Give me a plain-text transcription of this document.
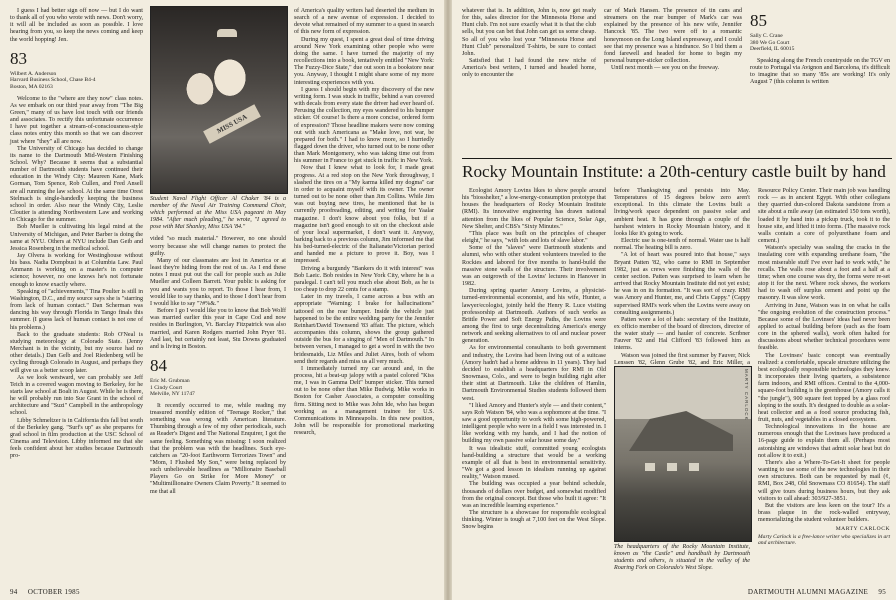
I guess I had better sign off now — but I do want to thank all of you who wrote with news. Don't worry, it will all be included as soon as possible. I love hearing from you, so keep the news coming and keep the world hopping! Jen.

83
Wilbert A. Anderson
Harvard Business School, Chase B4-4
Boston, MA 02163

Welcome to the "where are they now" class notes. As we embark on our third year away from "The Big Green," many of us have lost touch with our friends and associates. To rectify this unfortunate occurrence I have put together a stream-of-consciousness-style class notes entry this month so that we can discover just where "they" all are now.

The University of Chicago has decided to change its name to the Dartmouth Mid-Western Finishing School. Why? Because it seems that a substantial number of Dartmouth students have continued their education in the Windy City: Maureen Kane, Mark Gorman, Tom Spence, Rob Cullen, and Fred Ansell are all running the law school. At the same time Orest Stelmach is single-handedly keeping the business school in order. Also near the Windy City, Leslie Cloutier is attending Northwestern Law and working in Chicago for the summer.

Bob Mueller is cultivating his legal mind at the University of Michigan, and Peter Barber is doing the same at NYU. Others at NYU include Dan Geib and Jessica Rosenberg in the medical school.

Jay Olvera is working for Westinghouse without his bass. Nadia Dompbusi is at Columbia Law. Paul Ammann is working on a master's in computer science; however, no one knows he's not fortunate enough to know exactly where.

Speaking of "achievements," Tina Poulter is still in Washington, D.C., and my source says she is "starring from lack of human contact." Dan Scherman was dancing his way through Florida in Tango finals this summer. (I guess lack of human contact is not one of his problems.)

Back to the graduate students: Rob O'Neal is studying meteorology at Colorado State. (Jenny Merchant is in the vicinity, but my source had no other details.) Dan Gelb and Joel Riedenberg will be cycling through Colorado in August, and perhaps they will give us a better scoop later.

As we look westward, we can probably see Jeff Teich in a covered wagon moving to Berkeley, for he starts law school at Boalt in August. While he is there, he will probably run into Sue Grant in the school of architecture and "Suzi" Campbell in the anthropology school.

Libby Schmeltzer is in California this fall but south of the Berkeley gang. "Surf's up" as she prepares for grad school in film production at the USC School of Cinema and Television. Libby informed me that she feels confident about her studies because Dartmouth pro-

MISS USA
Student Naval Flight Officer Al Chaker '84 is a member of the Naval Air Training Command Choir, which performed at the Miss USA pageant in May 1984. "After much pleading," he wrote, "I agreed to pose with Mai Shanley, Miss USA '84."

vided "so much material." However, no one should worry because she will change names to protect the guilty.

Many of our classmates are lost in America or at least they're hiding from the rest of us. As I end these notes I must put out the call for people such as Julie Mueller and Colleen Barrett. Your public is asking for you and wants you to report. To those I hear from, I would like to say thanks, and to those I don't hear from I would like to say "?#%&."

Before I go I would like you to know that Bob Wolff was married earlier this year in Cape Cod and now resides in Burlington, Vt. Barclay Fitzpatrick was also married, and Karen Rodgers married John Pryer '81. And last, but certainly not least, Stu Downs graduated and is living in Boston.

84
Eric M. Grubman
1 Cindy Court
Melville, NY 11747

It recently occurred to me, while reading my treasured monthly edition of "Teenage Rocker," that something was wrong with American literature. Thumbing through a few of my other periodicals, such as Reader's Digest and The National Enquirer, I got the same feeling. Something was missing: I soon realized that the problem was with the headlines. Such eye-catchers as "20-foot Earthworm Terrorizes Town" and "Mom, I Flushed My Son," were being replaced by such unbelievable headlines as "Millionaire Baseball Players Go on Strike for More Money" or "Multimillionaire Owners Claim Poverty." It seemed to me that all

of America's quality writers had deserted the medium in search of a new avenue of expression. I decided to devote what remained of my summer to a quest in search of this new form of expression.

During my quest, I spent a great deal of time driving around New York examining other people who were doing the same. I have turned the majority of my recollections into a book, tentatively entitled "New York: The Fuzzy-Dice State," due out soon in a bookstore near you. Anyway, I thought I might share some of my more interesting experiences with you.

I guess I should begin with my discovery of the new writing form. I was stuck in traffic, behind a van covered with decals from every state the driver had ever heard of. Perusing the collection, my eyes wandered to his bumper sticker. Of course! Is there a more concise, ordered form of expression? Those headline makers were now coming out with such Americana as "Make love, not war, be prepared for both." I had to know more, so I hurriedly flagged down the driver, who turned out to be none other than Mark Montgomery, who was taking time out from his summer in France to get stuck in traffic in New York.

Now that I knew what to look for, I made great progress. At a red stop on the New York throughway, I slashed the tires on a "My karma killed my dogma" car in order to acquaint myself with its owner. The owner turned out to be none other than Jim Collins. While Jim was out buying new tires, he mentioned that he is currently proofreading, editing, and writing for Yaalar magazine. I don't know about you folks, but if a magazine isn't good enough to sit on the checkout aisle of your local supermarket, I don't want it. Anyway, barking back to a previous column, Jim informed me that his bed-turned-electric of the Italianate/Victorian period and handed me a picture to prove it. Boy, was I impressed.

Driving a burgundy "Bankers do it with interest" was Bob Laeic. Bob resides in New York City, where he is a paralegal. I can't tell you much else about Bob, as he is too cheap to drop 22 cents for a stamp.

Later in my travels, I came across a bus with an appropriate "Warning: I brake for hallucinations" tattooed on the rear bumper. Inside the vehicle just happened to be the entire wedding party for the Jennifer Reinhart/David Townsend '83 affair. The picture, which accompanies this column, shows the group gathered outside the bus for a singing of "Men of Dartmouth." In between verses, I managed to get a word in with the two bridesmaids, Liz Miles and Juliet Aires, both of whom send their regards and miss us all very much.

I immediately turned my car around and, in the process, hit a beat-up jalopy with a pastel colored "Kiss me, I was in Gamma Delt" bumper sticker. This turned out to be none other than Mike Budwig. Mike works in Boston for Casher Associates, a computer consulting firm. Sitting next to Mike was John Ide, who has begun working as a management trainee for U.S. Communications in Minneapolis. In this new position, John will be responsible for promotional marketing research,

94 OCTOBER 1985

whatever that is. In addition, John is, now get ready for this, sales director for the Minnesota Horse and Hunt club. I'm not sure exactly what it is that the club sells, but you can bet that John can get us some cheap. So all of you who lost your "Minnesota Horse and Hunt Club" personalized T-shirts, be sure to contact John.

Satisfied that I had found the new niche of America's best writers, I turned and headed home, only to encounter the

car of Mark Hansen. The presence of tin cans and streamers on the rear bumper of Mark's car was explained by the presence of his new wife, Jennifer Hancock '85. The two were off to a romantic honeymoon on the Long Island expressway, and I could see that my presence was a hindrance. So I bid them a fond farewell and headed for home to begin my personal bumper-sticker collection.

Until next month — see you on the freeway.

85
Sally C. Crane
380 We Go Court
Deerfield, IL 60015

Speaking along the French countryside on the TGV en route to Portugal via Avignon and Barcelona, it's difficult to imagine that so many '85s are working! It's only August 7 (this column is written

Rocky Mountain Institute: a 20th-century castle built by hand

Ecologist Amory Lovins likes to show people around his "biosshelter," a low-energy-consumption prototype that houses the headquarters of Rocky Mountain Institute (RMI). Its innovative engineering has drawn national attention from the likes of Popular Science, Solar Age, New Shelter, and CBS's "Sixty Minutes."

"This place was built on the principles of cheaper eleight," he says, "with lots and lots of slave labor."

Some of the "slaves" were Dartmouth students and alumni, who with other student volunteers traveled to the Rockies and labored for five months to hand-build the massive stone walls of the structure. Their involvement was an outgrowth of the Lovins' lectures in Hanover in 1982.

During spring quarter Amory Lovins, a physicist-turned-environmental economist, and his wife, Hunter, a lawyer/ecologist, jointly held the Henry R. Luce visiting professorship at Dartmouth. Authors of such works as Brittle Power and Soft Energy Paths, the Lovins were among the first to urge decentralizing America's energy network and seeking alternatives to oil and nuclear power generation.

As for environmental consultants to both government and industry, the Lovins had been living out of a suitcase (Amory hadn't had a home address in 11 years). They had decided to establish a headquarters for RMI in Old Snowmass, Colo., and were to begin building right after their stint at Dartmouth. Like the children of Hamlin, Dartmouth Environmental Studies students followed them west.

"I liked Amory and Hunter's style — and their content," says Rob Watson '84, who was a sophomore at the time. "I saw a good opportunity to work with some high-powered, intelligent people who were in a field I was interested in. I like working with my hands, and I had the notion of building my own passive solar house some day."

It was idealistic stuff, committed young ecologists hand-building a structure that would be a working example of all that is best in environmental sensitivity. "We got a good lesson in idealism running up against reality," Watson mused.

The building was occupied a year behind schedule, thousands of dollars over budget, and somewhat modified from the original concept. But those who built it agree: "It was an incredible learning experience."

The structure is a showcase for responsible ecological thinking. Winter is tough at 7,100 feet on the West Slope. Snow begins

before Thanksgiving and persists into May. Temperatures of 15 degrees below zero aren't exceptional. In this climate the Lovins built a living/work space dependent on passive solar and ambient heat. It has gone through a couple of the harshest winters in Rocky Mountain history, and it looks like it's going to work.

Electric use is one-tenth of normal. Water use is half normal. The heating bill is zero.

"A lot of heart was poured into that house," says Bryant Patten '82, who came to RMI in September 1982, just as crews were finishing the walls of the center section. Patten was surprised to learn when he arrived that Rocky Mountain Institute did not yet exist; he was in on its formation. "It was sort of crazy. RMI was Amory and Hunter, me, and Chris Cappy." (Cappy supervised RMI's work when the Lovins were away on consulting assignments.)

Patten wore a lot of hats: secretary of the Institute, ex officio member of the board of directors, director of the water study — and hauler of concrete. Scribner Fauver '82 and Hal Clifford '83 followed him as interns.

Watson was joined the first summer by Fauver, Nick Lenssen '82, Glenn Grube '82, and Eric Miller, a

MARTY CARLOCK
The headquarters of the Rocky Mountain Institute, known as "the Castle" and handbuilt by Dartmouth students and others, is situated in the valley of the Roaring Fork on Colorado's West Slope.

Resource Policy Center. Their main job was handling rock — as in ancient Egypt. With other collegians they quarried dun-colored Dakota sandstone from a site about a mile away (an estimated 150 tons worth), loaded it by hand into a pickup truck, took it to the house site, and lifted it into forms. (The massive rock walls contain a core of polyurethane foam and cement.)

Watson's specialty was sealing the cracks in the insulating core with expanding urethane foam, "the most miserable stuff I've ever had to work with," he recalls. The walls rose about a foot and a half at a time; when one course was dry, the forms were re-set atop it for the next. Where rock shows, the workers had to wash off surplus cement and point up the masonry. It was slow work.

Arriving in June, Watson was in on what he calls "the ongoing evolution of the construction process." Because some of the Lovinses' ideas had never been applied to actual building before (such as the foam core in the sphered walls), work often halted for discussions about whether technical procedures were feasible.

The Lovinses' basic concept was eventually realized: a comfortable, upscale structure utilizing the best ecologically responsible technologies they knew. It incorporates their living quarters, a subsistence farm indoors, and RMI offices. Central to the 4,000-square-foot building is the greenhouse (Amory calls it "the jungle"), 900 square feet topped by a glass roof sloping to the south. It's designed to double as a solar-heat collector and as a food source producing fish, fruit, nuts, and vegetables in a closed ecosystem.

Technological innovations in the house are numerous enough that the Lovinses have produced a 16-page guide to explain them all. (Perhaps most astonishing are windows that admit solar heat but do not allow it to exit.)

There's also a Where-To-Get-It sheet for people wanting to use some of the new technologies in their own structures. Both can be requested by mail (¢, RMI, Box 248, Old Snowmass CO 81654). The staff will give tours during business hours, but they ask visitors to call ahead: 303/927-3851.

But the visitors are less keen on the tour? It's a brass plaque in the rock-walled entryway, memorializing the student volunteer builders.

MARTY CARLOCK
Marty Carlock is a free-lance writer who specializes in art and architecture.
DARTMOUTH ALUMNI MAGAZINE 95
